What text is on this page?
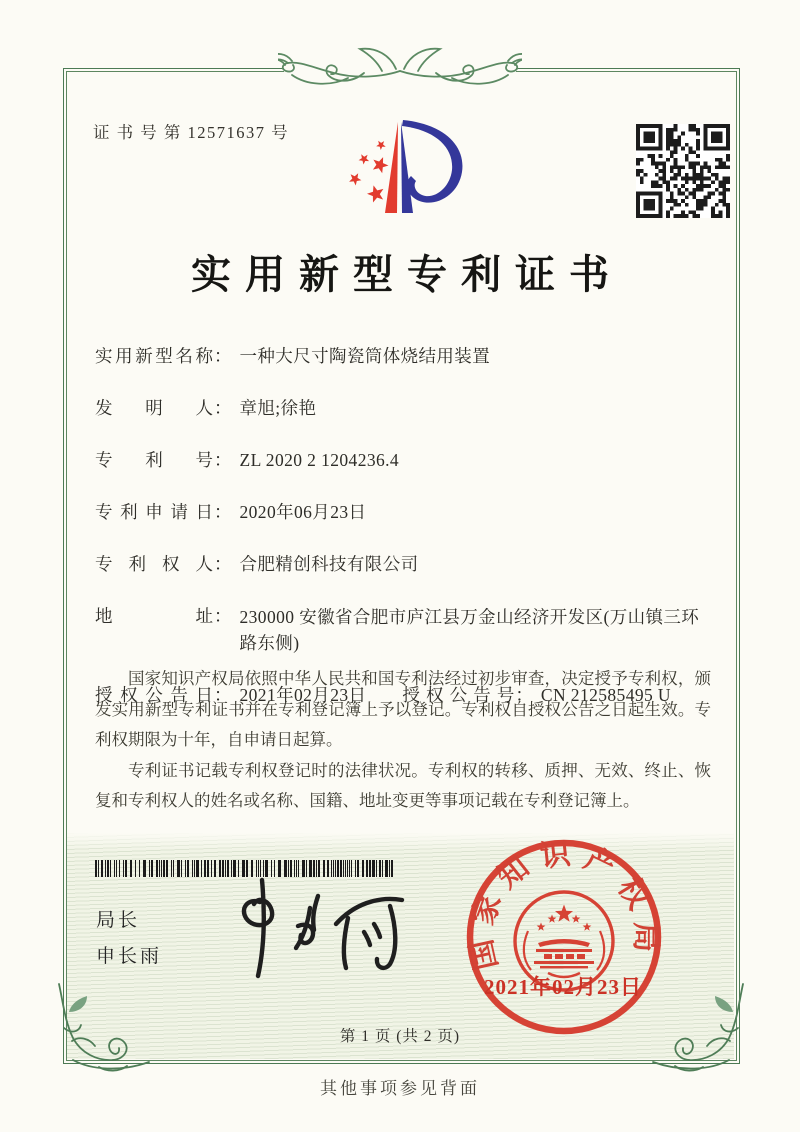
证 书 号 第 12571637 号
实用新型专利证书
实用新型名称 ： 一种大尺寸陶瓷筒体烧结用装置
发明人 ： 章旭;徐艳
专利号 ： ZL 2020 2 1204236.4
专利申请日 ： 2020年06月23日
专利权人 ： 合肥精创科技有限公司
地址 ： 230000 安徽省合肥市庐江县万金山经济开发区(万山镇三环路东侧)
授权公告日 ： 2021年02月23日 授权公告号 ： CN 212585495 U

国家知识产权局依照中华人民共和国专利法经过初步审查，决定授予专利权，颁发实用新型专利证书并在专利登记簿上予以登记。专利权自授权公告之日起生效。专利权期限为十年，自申请日起算。

专利证书记载专利权登记时的法律状况。专利权的转移、质押、无效、终止、恢复和专利权人的姓名或名称、国籍、地址变更等事项记载在专利登记簿上。

局长
申长雨	国家知识产权局
2021年02月23日
第 1 页 (共 2 页)
其他事项参见背面
